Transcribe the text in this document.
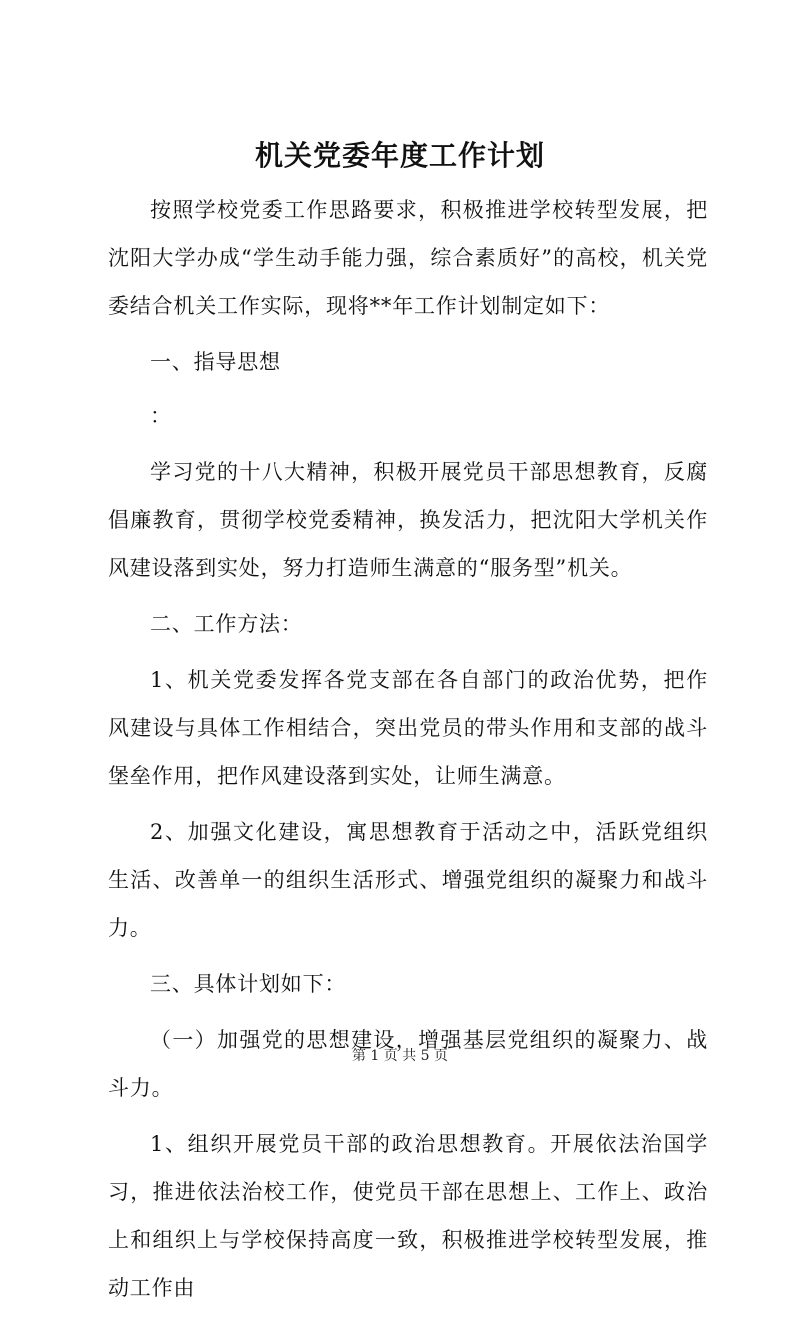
机关党委年度工作计划

按照学校党委工作思路要求，积极推进学校转型发展，把沈阳大学办成“学生动手能力强，综合素质好”的高校，机关党委结合机关工作实际，现将**年工作计划制定如下：

一、指导思想

：

学习党的十八大精神，积极开展党员干部思想教育，反腐倡廉教育，贯彻学校党委精神，换发活力，把沈阳大学机关作风建设落到实处，努力打造师生满意的“服务型”机关。

二、工作方法：

1、机关党委发挥各党支部在各自部门的政治优势，把作风建设与具体工作相结合，突出党员的带头作用和支部的战斗堡垒作用，把作风建设落到实处，让师生满意。

2、加强文化建设，寓思想教育于活动之中，活跃党组织生活、改善单一的组织生活形式、增强党组织的凝聚力和战斗力。

三、具体计划如下：

（一）加强党的思想建设，增强基层党组织的凝聚力、战斗力。

1、组织开展党员干部的政治思想教育。开展依法治国学习，推进依法治校工作，使党员干部在思想上、工作上、政治上和组织上与学校保持高度一致，积极推进学校转型发展，推动工作由

第 1 页 共 5 页
